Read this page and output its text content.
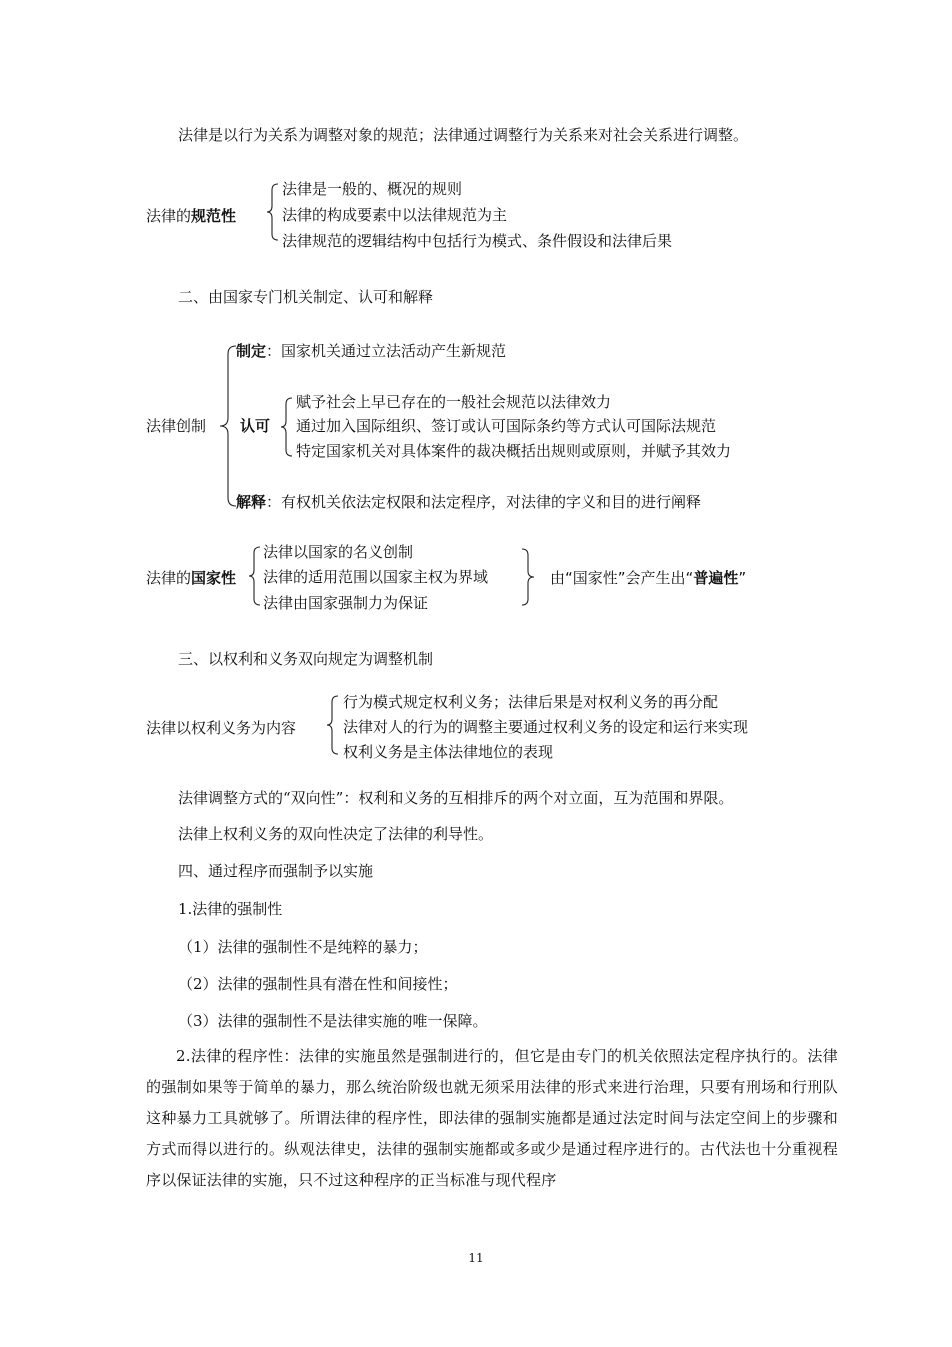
法律是以行为关系为调整对象的规范；法律通过调整行为关系来对社会关系进行调整。
法律的规范性
法律是一般的、概况的规则
法律的构成要素中以法律规范为主
法律规范的逻辑结构中包括行为模式、条件假设和法律后果
二、由国家专门机关制定、认可和解释
法律创制
制定：国家机关通过立法活动产生新规范
认可
赋予社会上早已存在的一般社会规范以法律效力
通过加入国际组织、签订或认可国际条约等方式认可国际法规范
特定国家机关对具体案件的裁决概括出规则或原则，并赋予其效力
解释：有权机关依法定权限和法定程序，对法律的字义和目的进行阐释
法律的国家性
法律以国家的名义创制
法律的适用范围以国家主权为界域
法律由国家强制力为保证
由“国家性”会产生出“普遍性”
三、以权利和义务双向规定为调整机制
法律以权利义务为内容
行为模式规定权利义务；法律后果是对权利义务的再分配
法律对人的行为的调整主要通过权利义务的设定和运行来实现
权利义务是主体法律地位的表现
法律调整方式的“双向性”：权利和义务的互相排斥的两个对立面，互为范围和界限。
法律上权利义务的双向性决定了法律的利导性。
四、通过程序而强制予以实施
1.法律的强制性
（1）法律的强制性不是纯粹的暴力；
（2）法律的强制性具有潜在性和间接性；
（3）法律的强制性不是法律实施的唯一保障。
2.法律的程序性：法律的实施虽然是强制进行的，但它是由专门的机关依照法定程序执行的。法律的强制如果等于简单的暴力，那么统治阶级也就无须采用法律的形式来进行治理，只要有刑场和行刑队这种暴力工具就够了。所谓法律的程序性，即法律的强制实施都是通过法定时间与法定空间上的步骤和方式而得以进行的。纵观法律史，法律的强制实施都或多或少是通过程序进行的。古代法也十分重视程序以保证法律的实施，只不过这种程序的正当标准与现代程序
11
